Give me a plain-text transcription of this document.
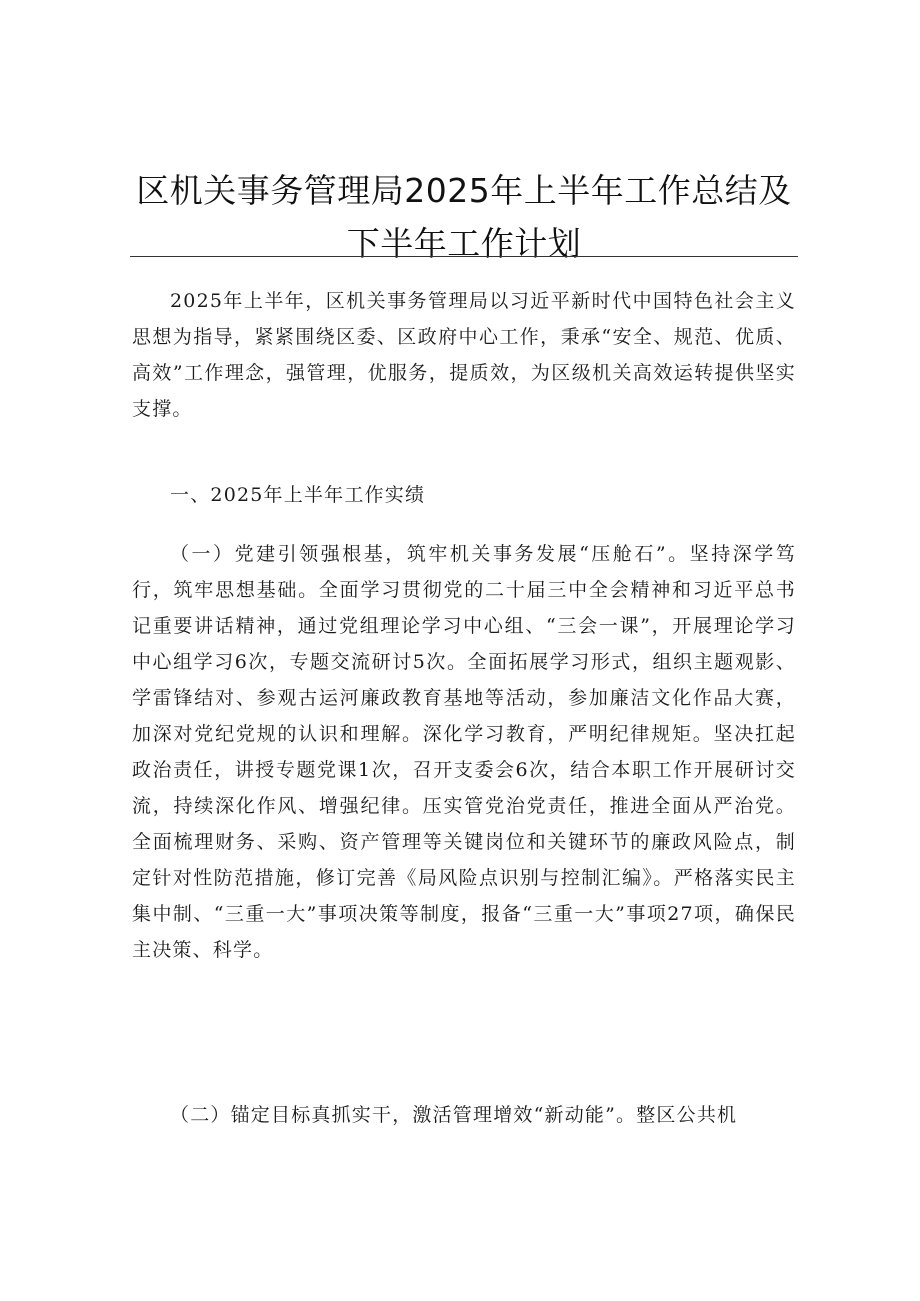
区机关事务管理局2025年上半年工作总结及
下半年工作计划

2025年上半年，区机关事务管理局以习近平新时代中国特色社会主义思想为指导，紧紧围绕区委、区政府中心工作，秉承“安全、规范、优质、高效”工作理念，强管理，优服务，提质效，为区级机关高效运转提供坚实支撑。

一、2025年上半年工作实绩

（一）党建引领强根基，筑牢机关事务发展“压舱石”。坚持深学笃行，筑牢思想基础。全面学习贯彻党的二十届三中全会精神和习近平总书记重要讲话精神，通过党组理论学习中心组、“三会一课”，开展理论学习中心组学习6次，专题交流研讨5次。全面拓展学习形式，组织主题观影、学雷锋结对、参观古运河廉政教育基地等活动，参加廉洁文化作品大赛，加深对党纪党规的认识和理解。深化学习教育，严明纪律规矩。坚决扛起政治责任，讲授专题党课1次，召开支委会6次，结合本职工作开展研讨交流，持续深化作风、增强纪律。压实管党治党责任，推进全面从严治党。全面梳理财务、采购、资产管理等关键岗位和关键环节的廉政风险点，制定针对性防范措施，修订完善《局风险点识别与控制汇编》。严格落实民主集中制、“三重一大”事项决策等制度，报备“三重一大”事项27项，确保民主决策、科学。

（二）锚定目标真抓实干，激活管理增效“新动能”。整区公共机
